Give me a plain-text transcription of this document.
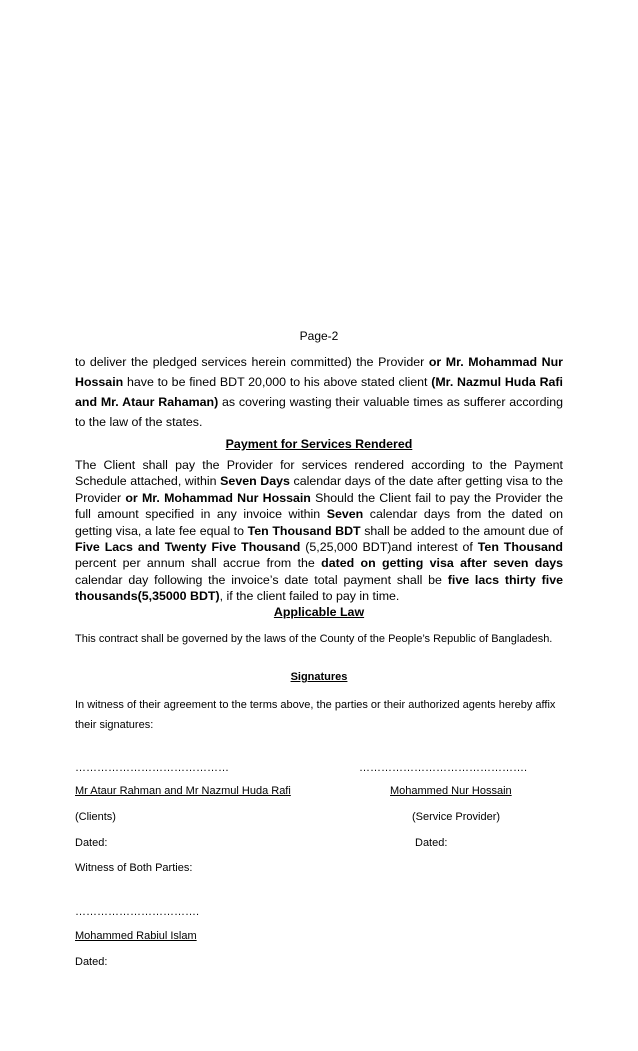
Page-2
to deliver the pledged services herein committed) the Provider or Mr. Mohammad Nur Hossain have to be fined BDT 20,000 to his above stated client (Mr. Nazmul Huda Rafi and Mr. Ataur Rahaman) as covering wasting their valuable times as sufferer according to the law of the states.
Payment for Services Rendered
The Client shall pay the Provider for services rendered according to the Payment Schedule attached, within Seven Days calendar days of the date after getting visa to the Provider or Mr. Mohammad Nur Hossain Should the Client fail to pay the Provider the full amount specified in any invoice within Seven calendar days from the dated on getting visa, a late fee equal to Ten Thousand BDT shall be added to the amount due of Five Lacs and Twenty Five Thousand (5,25,000 BDT)and interest of Ten Thousand percent per annum shall accrue from the dated on getting visa after seven days calendar day following the invoice’s date total payment shall be five lacs thirty five thousands(5,35000 BDT), if the client failed to pay in time.
Applicable Law
This contract shall be governed by the laws of the County of the People’s Republic of Bangladesh.
Signatures
In witness of their agreement to the terms above, the parties or their authorized agents hereby affix their signatures:
……………………………………	……………………………………….
Mr Ataur Rahman and Mr Nazmul Huda Rafi	Mohammed Nur Hossain
(Clients)	(Service Provider)
Dated:	Dated:
Witness of Both Parties:
…………………………….
Mohammed Rabiul Islam
Dated:
